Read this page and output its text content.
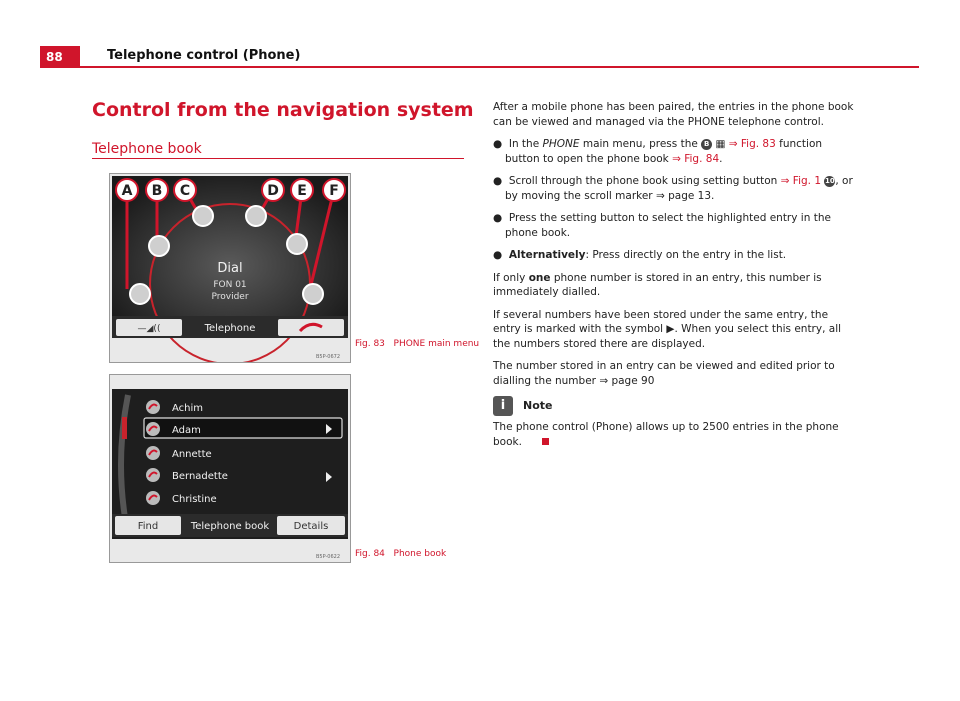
88	Telephone control (Phone)
Control from the navigation system
Telephone book
A B C	D E F
Dial
FON 01
Provider
—◢((	Telephone
B5P-0672
Fig. 83 PHONE main menu
Achim
Adam
Annette
Bernadette
Christine
Find	Telephone book Details
B5P-0622 Fig. 84 Phone book

After a mobile phone has been paired, the entries in the phone book can be viewed and managed via the PHONE telephone control.

●  In the PHONE main menu, press the B ▦ ⇒ Fig. 83 function button to open the phone book ⇒ Fig. 84.

●  Scroll through the phone book using setting button ⇒ Fig. 1 10, or by moving the scroll marker ⇒ page 13.

●  Press the setting button to select the highlighted entry in the phone book.

●  Alternatively: Press directly on the entry in the list.

If only one phone number is stored in an entry, this number is immediately dialled.

If several numbers have been stored under the same entry, the entry is marked with the symbol ▶. When you select this entry, all the numbers stored there are displayed.

The number stored in an entry can be viewed and edited prior to dialling the number ⇒ page 90

i	Note

The phone control (Phone) allows up to 2500 entries in the phone book.
